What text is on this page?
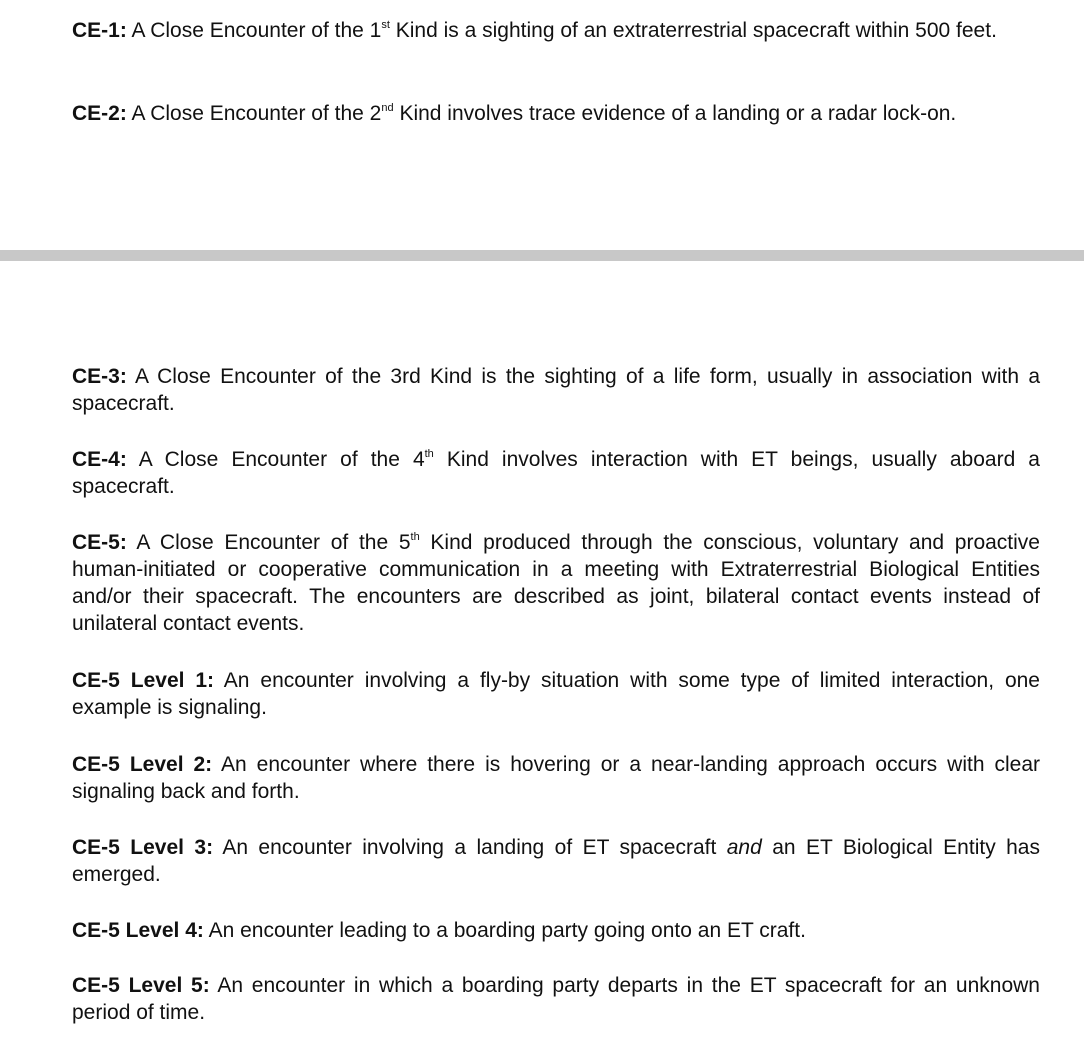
CE-1: A Close Encounter of the 1st Kind is a sighting of an extraterrestrial spacecraft within 500 feet.

CE-2: A Close Encounter of the 2nd Kind involves trace evidence of a landing or a radar lock-on.

CE-3: A Close Encounter of the 3rd Kind is the sighting of a life form, usually in association with a spacecraft.

CE-4: A Close Encounter of the 4th Kind involves interaction with ET beings, usually aboard a spacecraft.

CE-5: A Close Encounter of the 5th Kind produced through the conscious, voluntary and proactive human-initiated or cooperative communication in a meeting with Extraterrestrial Biological Entities and/or their spacecraft. The encounters are described as joint, bilateral contact events instead of unilateral contact events.

CE-5 Level 1: An encounter involving a fly-by situation with some type of limited interaction, one example is signaling.

CE-5 Level 2: An encounter where there is hovering or a near-landing approach occurs with clear signaling back and forth.

CE-5 Level 3: An encounter involving a landing of ET spacecraft and an ET Biological Entity has emerged.

CE-5 Level 4: An encounter leading to a boarding party going onto an ET craft.

CE-5 Level 5: An encounter in which a boarding party departs in the ET spacecraft for an unknown period of time.
